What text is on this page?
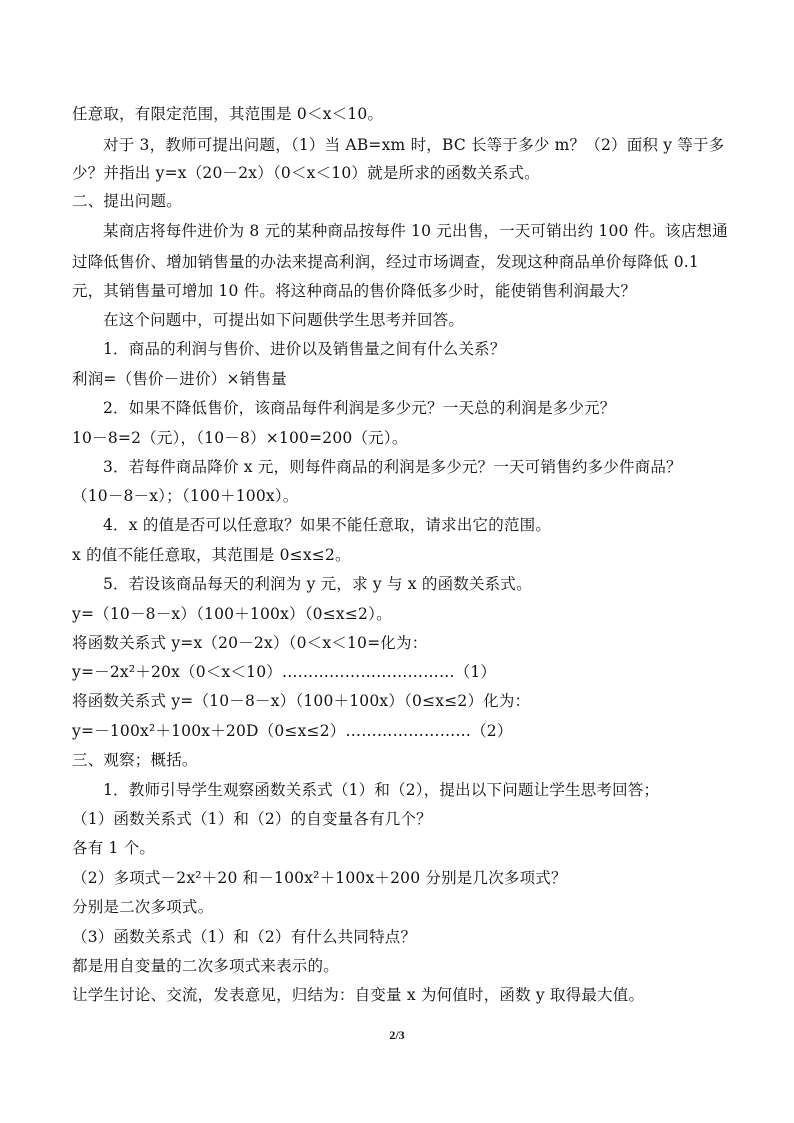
任意取，有限定范围，其范围是 0＜x＜10。
对于 3，教师可提出问题，（1）当 AB=xm 时，BC 长等于多少 m？（2）面积 y 等于多
少？并指出 y=x（20－2x）（0＜x＜10）就是所求的函数关系式。
二、提出问题。
某商店将每件进价为 8 元的某种商品按每件 10 元出售，一天可销出约 100 件。该店想通
过降低售价、增加销售量的办法来提高利润，经过市场调查，发现这种商品单价每降低 0.1
元，其销售量可增加 10 件。将这种商品的售价降低多少时，能使销售利润最大？
在这个问题中，可提出如下问题供学生思考并回答。
1．商品的利润与售价、进价以及销售量之间有什么关系？
利润=（售价－进价）×销售量
2．如果不降低售价，该商品每件利润是多少元？一天总的利润是多少元？
10－8=2（元），（10－8）×100=200（元）。
3．若每件商品降价 x 元，则每件商品的利润是多少元？一天可销售约多少件商品？
（10－8－x）；（100＋100x）。
4．x 的值是否可以任意取？如果不能任意取，请求出它的范围。
x 的值不能任意取，其范围是 0≤x≤2。
5．若设该商品每天的利润为 y 元，求 y 与 x 的函数关系式。
y=（10－8－x）（100＋100x）（0≤x≤2）。
将函数关系式 y=x（20－2x）（0＜x＜10=化为：
y=－2x²＋20x（0＜x＜10）……………………………（1）
将函数关系式 y=（10－8－x）（100＋100x）（0≤x≤2）化为：
y=－100x²＋100x＋20D（0≤x≤2）……………………（2）
三、观察；概括。
1．教师引导学生观察函数关系式（1）和（2），提出以下问题让学生思考回答；
（1）函数关系式（1）和（2）的自变量各有几个？
各有 1 个。
（2）多项式－2x²＋20 和－100x²＋100x＋200 分别是几次多项式？
分别是二次多项式。
（3）函数关系式（1）和（2）有什么共同特点？
都是用自变量的二次多项式来表示的。
让学生讨论、交流，发表意见，归结为：自变量 x 为何值时，函数 y 取得最大值。
2/3
